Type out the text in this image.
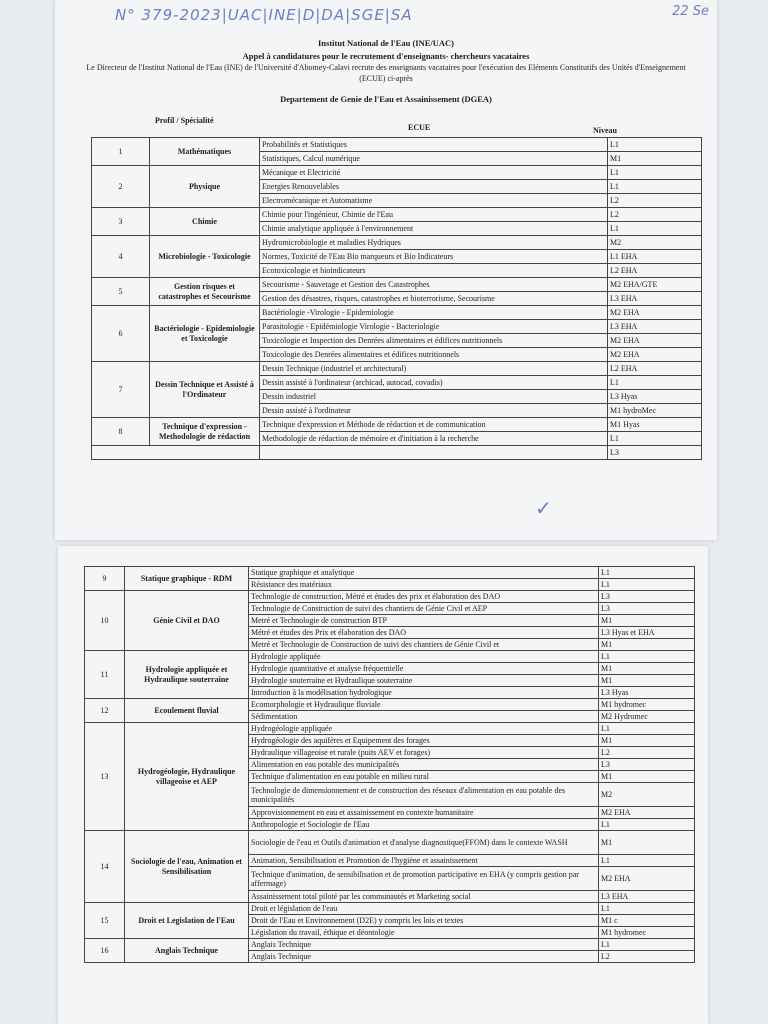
N° 379-2023|UAC|INE|D|DA|SGE|SA	22 Se
Institut National de l'Eau (INE/UAC)
Appel à candidatures pour le recrutement d'enseignants- chercheurs vacataires
Le Directeur de l'Institut National de l'Eau (INE) de l'Université d'Abomey-Calavi recrute des enseignants vacataires pour l'exécution des Eléments Constitutifs des Unités d'Enseignement (ECUE) ci-après
Departement de Genie de l'Eau et Assainissement (DGEA)
Profil / Spécialité
ECUE	Niveau
1	Mathématiques	Probabilités et Statistiques	L1
		Statistiques, Calcul numérique	M1
2	Physique	Mécanique et Electricité	L1
		Energies Renouvelables	L1
		Electromécanique et Automatisme	L2
3	Chimie	Chimie pour l'ingénieur, Chimie de l'Eau	L2
		Chimie analytique appliquée à l'environnement	L1
4	Microbiologie - Toxicologie	Hydromicrobiologie et maladies Hydriques	M2
		Normes, Toxicité de l'Eau Bio marqueurs et Bio Indicateurs	L1 EHA
		Ecotoxicologie et bioindicateurs	L2 EHA
5	Gestion risques et catastrophes et Secourisme	Secourisme - Sauvetage et Gestion des Catastrophes	M2 EHA/GTE
		Gestion des désastres, risques, catastrophes et bioterrorisme, Secourisme	L3 EHA
6	Bactériologie - Epidemiologie et Toxicologie	Bactériologie -Virologie - Epidemiologie	M2 EHA
		Parasitologie - Epidémiologie Virologie - Bacteriologie	L3 EHA
		Toxicologie et Inspection des Denrées alimentaires et édifices nutritionnels	M2 EHA
		Toxicologie des Denrées alimentaires et édifices nutritionnels	M2 EHA
7	Dessin Technique et Assisté à l'Ordinateur	Dessin Technique (industriel et architectural)	L2 EHA
		Dessin assisté à l'ordinateur (archicad, autocad, covadis)	L1
		Dessin industriel	L3 Hyas
		Dessin assisté à l'ordinateur	M1 hydroMec
8	Technique d'expression - Methodologie de rédaction	Technique d'expression et Méthode de rédaction et de communication	M1 Hyas
		Methodologie de rédaction de mémoire et d'initiation à la recherche	L1
			L3
✓
9	Statique graphique - RDM	Statique graphique et analytique	L1
		Résistance des matériaux	L1
10	Génie Civil et DAO	Technologie de construction, Métré et études des prix et élaboration des DAO	L3
		Technologie de Construction de suivi des chantiers de Génie Civil et AEP	L3
		Metré et Technologie de construction BTP	M1
		Métré et études des Prix et élaboration des DAO	L3 Hyas et EHA
		Metré et Technologie de Construction de suivi des chantiers de Génie Civil et	M1
11	Hydrologie appliquée et Hydraulique souterraine	Hydrologie appliquée	L1
		Hydrologie quantitative et analyse fréquentielle	M1
		Hydrologie souterraine et Hydraulique souterraine	M1
		Introduction à la modélisation hydrologique	L3 Hyas
12	Ecoulement fluvial	Ecomorphologie et Hydraulique fluviale	M1 hydromec
		Sédimentation	M2 Hydromec
13	Hydrogéologie, Hydraulique villageoise et AEP	Hydrogéologie appliquée	L1
		Hydrogéologie des aquifères et Equipement des forages	M1
		Hydraulique villageoise et rurale (puits AEV et forages)	L2
		Alimentation en eau potable des municipalités	L3
		Technique d'alimentation en eau potable en milieu rural	M1
		Technologie de dimensionnement et de construction des réseaux d'alimentation en eau potable des municipalités	M2
		Approvisionnement en eau et assainissement en contexte humanitaire	M2 EHA
		Anthropologie et Sociologie de l'Eau	L1
14	Sociologie de l'eau, Animation et Sensibilisation	Sociologie de l'eau et Outils d'animation et d'analyse diagnostique(FFOM) dans le contexte WASH	M1
		Animation, Sensibilisation et Promotion de l'hygiène et assainissement	L1
		Technique d'animation, de sensibilisation et de promotion participative en EHA (y compris gestion par affermage)	M2 EHA
		Assainissement total piloté par les communautés et Marketing social	L3 EHA
15	Droit et Legislation de l'Eau	Droit et législation de l'eau	L1
		Droit de l'Eau et Environnement (D2E) y compris les lois et textes	M1 c
		Législation du travail, éthique et déontologie	M1 hydromec
16	Anglais Technique	Anglais Technique	L1
		Anglais Technique	L2
